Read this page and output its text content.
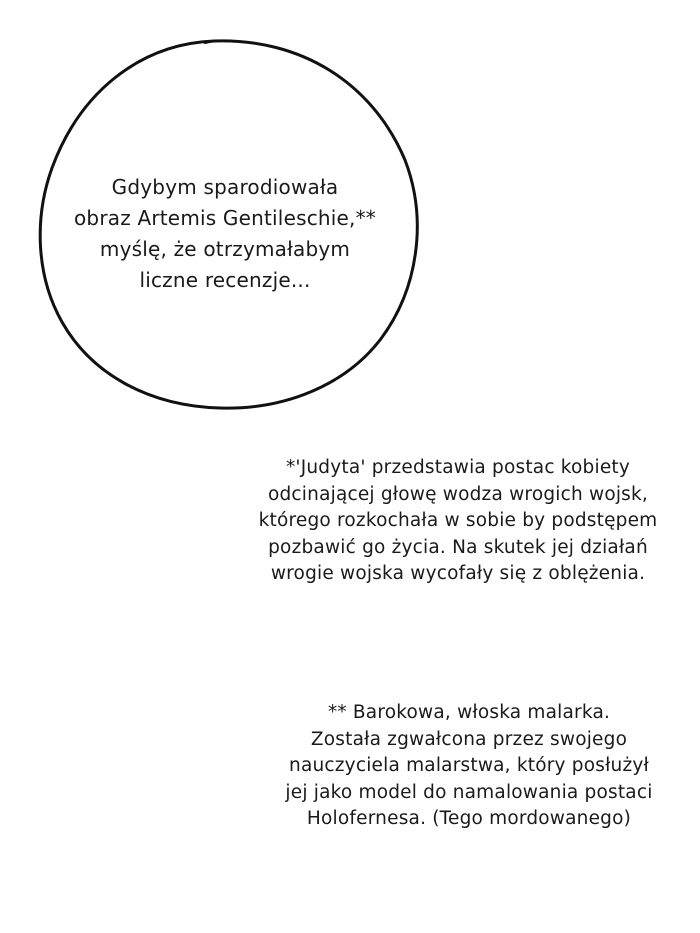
Gdybym sparodiowała
obraz Artemis Gentileschie,**
myślę, że otrzymałabym
liczne recenzje...

*'Judyta' przedstawia postac kobiety
odcinającej głowę wodza wrogich wojsk,
którego rozkochała w sobie by podstępem
pozbawić go życia. Na skutek jej działań
wrogie wojska wycofały się z oblężenia.

** Barokowa, włoska malarka.
Została zgwałcona przez swojego
nauczyciela malarstwa, który posłużył
jej jako model do namalowania postaci
Holofernesa. (Tego mordowanego)
